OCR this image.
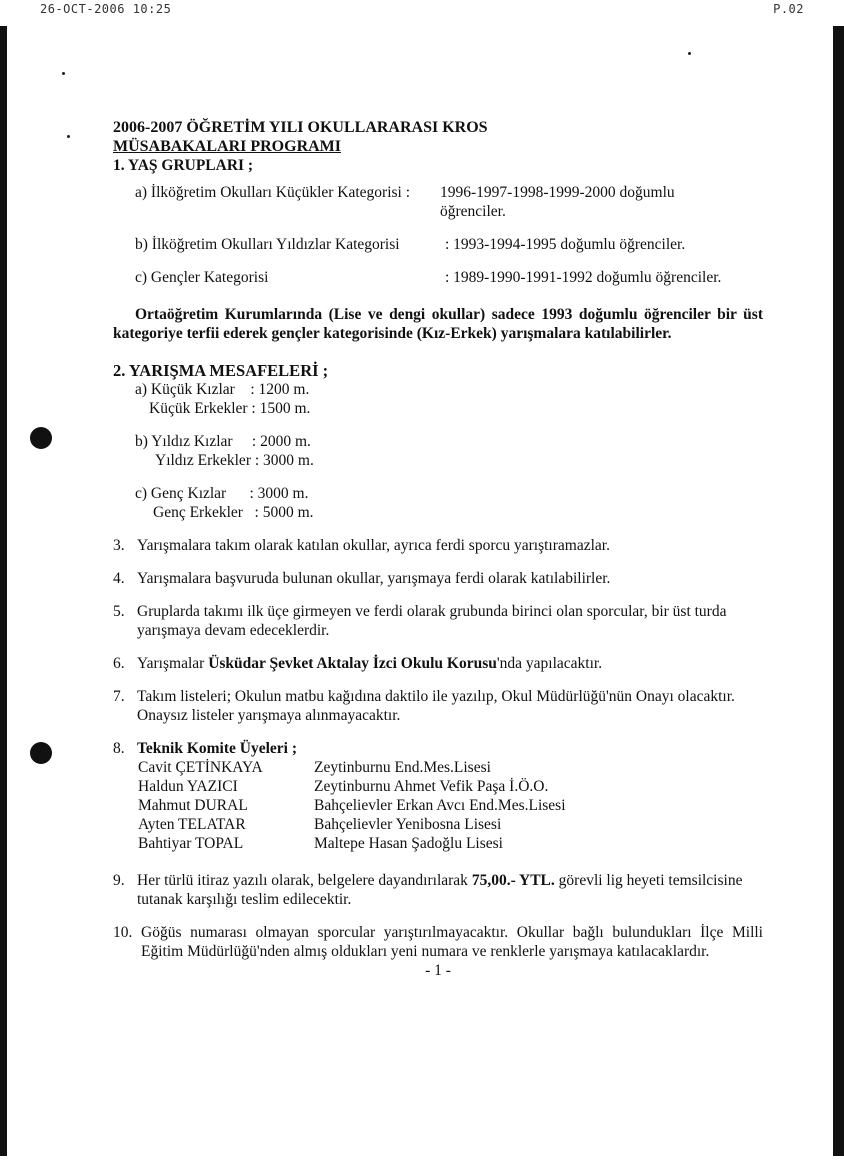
26-OCT-2006 10:25	P.02
2006-2007 ÖĞRETİM YILI OKULLARARASI KROS
MÜSABAKALARI PROGRAMI
1. YAŞ GRUPLARI ;
a) İlköğretim Okulları Küçükler Kategorisi :	1996-1997-1998-1999-2000 doğumlu
öğrenciler.
b) İlköğretim Okulları Yıldızlar Kategorisi	: 1993-1994-1995 doğumlu öğrenciler.
c) Gençler Kategorisi	: 1989-1990-1991-1992 doğumlu öğrenciler.
Ortaöğretim Kurumlarında (Lise ve dengi okullar) sadece 1993 doğumlu öğrenciler bir üst kategoriye terfii ederek gençler kategorisinde (Kız-Erkek) yarışmalara katılabilirler.
2. YARIŞMA MESAFELERİ ;
a) Küçük Kızlar    : 1200 m.
Küçük Erkekler : 1500 m.
b) Yıldız Kızlar     : 2000 m.
Yıldız Erkekler : 3000 m.
c) Genç Kızlar      : 3000 m.
Genç Erkekler   : 5000 m.
3. Yarışmalara takım olarak katılan okullar, ayrıca ferdi sporcu yarıştıramazlar.
4. Yarışmalara başvuruda bulunan okullar, yarışmaya ferdi olarak katılabilirler.
5. Gruplarda takımı ilk üçe girmeyen ve ferdi olarak grubunda birinci olan sporcular, bir üst turda yarışmaya devam edeceklerdir.
6. Yarışmalar Üsküdar Şevket Aktalay İzci Okulu Korusu'nda yapılacaktır.
7. Takım listeleri; Okulun matbu kağıdına daktilo ile yazılıp, Okul Müdürlüğü'nün Onayı olacaktır. Onaysız listeler yarışmaya alınmayacaktır.
8. Teknik Komite Üyeleri ;
Cavit ÇETİNKAYA	Zeytinburnu End.Mes.Lisesi
Haldun YAZICI	Zeytinburnu Ahmet Vefik Paşa İ.Ö.O.
Mahmut DURAL	Bahçelievler Erkan Avcı End.Mes.Lisesi
Ayten TELATAR	Bahçelievler Yenibosna Lisesi
Bahtiyar TOPAL	Maltepe Hasan Şadoğlu Lisesi
9. Her türlü itiraz yazılı olarak, belgelere dayandırılarak 75,00.- YTL. görevli lig heyeti temsilcisine tutanak karşılığı teslim edilecektir.
10. Göğüs numarası olmayan sporcular yarıştırılmayacaktır. Okullar bağlı bulundukları İlçe Milli Eğitim Müdürlüğü'nden almış oldukları yeni numara ve renklerle yarışmaya katılacaklardır.
- 1 -
